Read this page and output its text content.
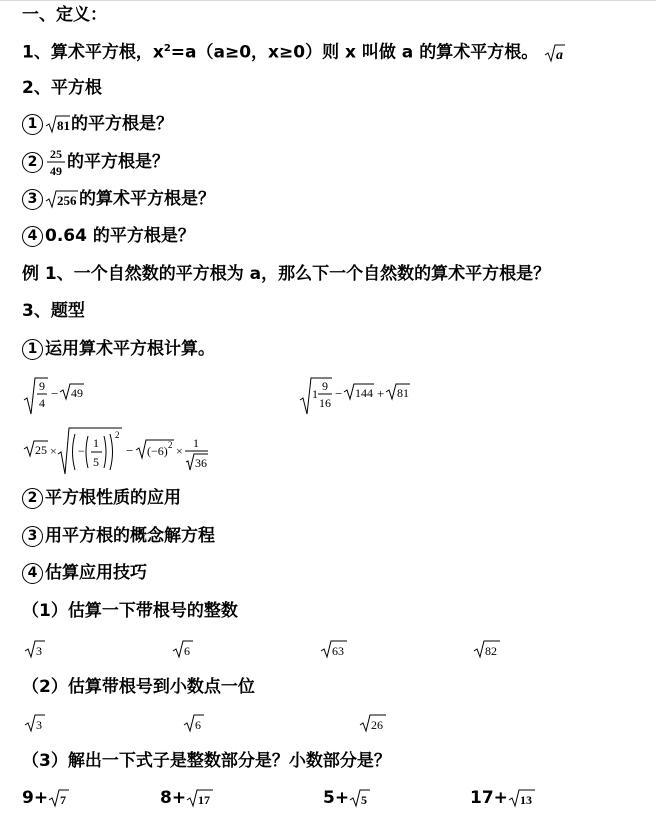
一、定义：
1、算术平方根，$x^2=a(a\ge 0$，x≥0）则 x 叫做 a 的算术平方根。 a
2、平方根
1 81 的平方根是？
2 25
49 的平方根是？
3 256 的算术平方根是？
4 0.64 的平方根是？
例 1、一个自然数的平方根为 a，那么下一个自然数的算术平方根是？
3、题型
1 运用算术平方根计算。
9
4
− 49	1
9
16
− 144 + 81
25 × −
1
5
2
− (−6) 2 ×
1
36
2 平方根性质的应用
3 用平方根的概念解方程
4 估算应用技巧
（1）估算一下带根号的整数
3	6	63	82
（2）估算带根号到小数点一位
3	6	26
（3）解出一下式子是整数部分是？小数部分是？
9+ 7	8+ 17	5+ 5	17+ 13
